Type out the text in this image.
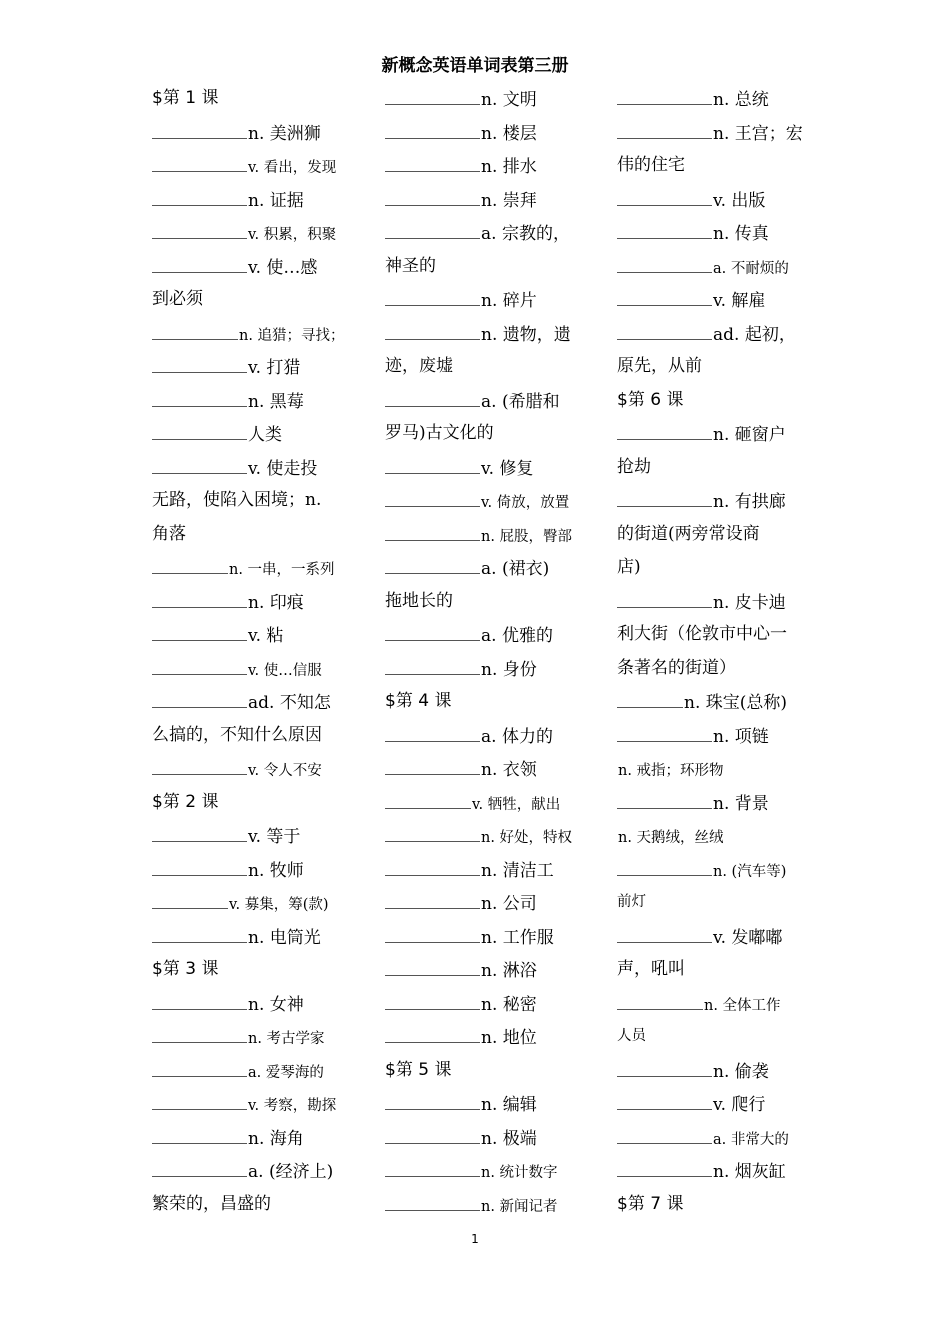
新概念英语单词表第三册
$第 1 课
n. 美洲狮
v. 看出，发现
n. 证据
v. 积累，积聚
v. 使…感
到必须
n. 追猎；寻找；
v. 打猎
n. 黑莓
人类
v. 使走投
无路，使陷入困境；n.
角落
n. 一串，一系列
n. 印痕
v. 粘
v. 使…信服
ad. 不知怎
么搞的，不知什么原因
v. 令人不安
$第 2 课
v. 等于
n. 牧师
v. 募集，筹(款)
n. 电筒光
$第 3 课
n. 女神
n. 考古学家
a. 爱琴海的
v. 考察，勘探
n. 海角
a. (经济上)
繁荣的，昌盛的
n. 文明
n. 楼层
n. 排水
n. 崇拜
a. 宗教的，
神圣的
n. 碎片
n. 遗物，遗
迹，废墟
a. (希腊和
罗马)古文化的
v. 修复
v. 倚放，放置
n. 屁股，臀部
a. (裙衣)
拖地长的
a. 优雅的
n. 身份
$第 4 课
a. 体力的
n. 衣领
v. 牺牲，献出
n. 好处，特权
n. 清洁工
n. 公司
n. 工作服
n. 淋浴
n. 秘密
n. 地位
$第 5 课
n. 编辑
n. 极端
n. 统计数字
n. 新闻记者
n. 总统
n. 王宫；宏
伟的住宅
v. 出版
n. 传真
a. 不耐烦的
v. 解雇
ad. 起初，
原先，从前
$第 6 课
n. 砸窗户
抢劫
n. 有拱廊
的街道(两旁常设商
店)
n. 皮卡迪
利大街（伦敦市中心一
条著名的街道）
n. 珠宝(总称)
n. 项链
n. 戒指；环形物
n. 背景
n. 天鹅绒，丝绒
n. (汽车等)
前灯
v. 发嘟嘟
声，吼叫
n. 全体工作
人员
n. 偷袭
v. 爬行
a. 非常大的
n. 烟灰缸
$第 7 课
1
